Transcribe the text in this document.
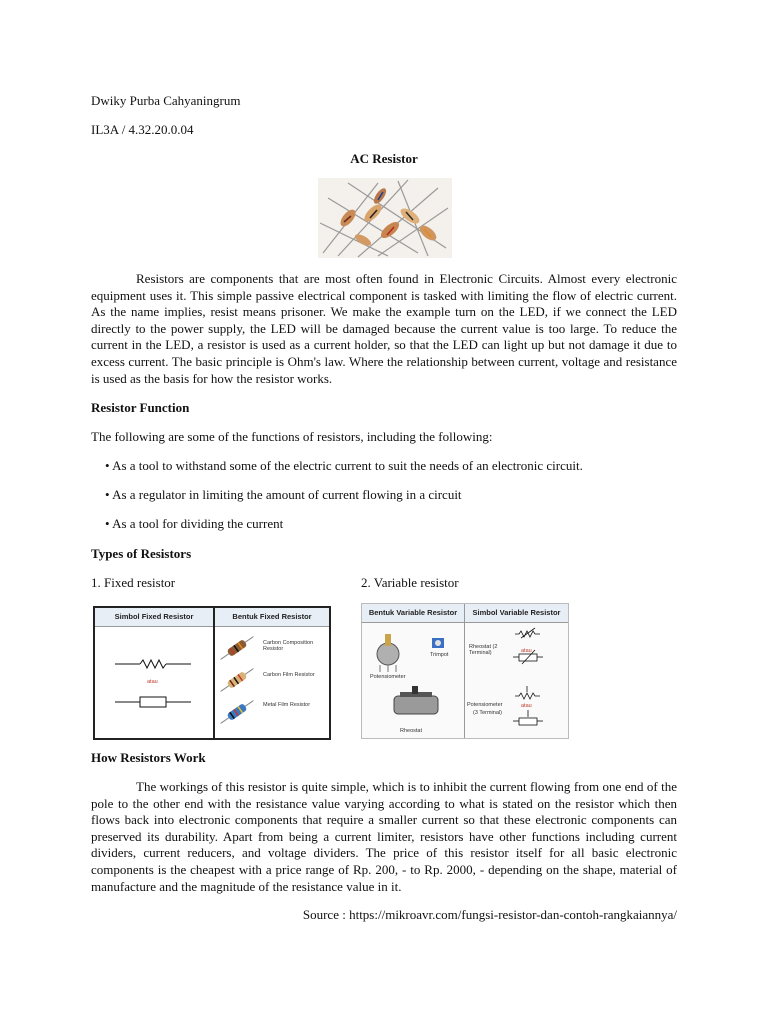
Dwiky Purba Cahyaningrum
IL3A / 4.32.20.0.04
AC Resistor
Resistors are components that are most often found in Electronic Circuits. Almost every electronic equipment uses it. This simple passive electrical component is tasked with limiting the flow of electric current. As the name implies, resist means prisoner. We make the example turn on the LED, if we connect the LED directly to the power supply, the LED will be damaged because the current value is too large. To reduce the current in the LED, a resistor is used as a current holder, so that the LED can light up but not damage it due to excess current. The basic principle is Ohm's law. Where the relationship between current, voltage and resistance is used as the basis for how the resistor works.
Resistor Function
The following are some of the functions of resistors, including the following:
• As a tool to withstand some of the electric current to suit the needs of an electronic circuit.
• As a regulator in limiting the amount of current flowing in a circuit
• As a tool for dividing the current
Types of Resistors
1. Fixed resistor	2. Variable resistor
Simbol Fixed Resistor
atau
Bentuk Fixed Resistor
Carbon Composition Resistor
Carbon Film Resistor
Metal Film Resistor
Bentuk Variable Resistor
Potensiometer
Trimpot
Rheostat
Simbol Variable Resistor
Rheostat (2 Terminal)	atau
Potensiometer	atau
(3 Terminal)
How Resistors Work
The workings of this resistor is quite simple, which is to inhibit the current flowing from one end of the pole to the other end with the resistance value varying according to what is stated on the resistor which then flows back into electronic components that require a smaller current so that these electronic components can preserved its durability. Apart from being a current limiter, resistors have other functions including current dividers, current reducers, and voltage dividers. The price of this resistor itself for all basic electronic components is the cheapest with a price range of Rp. 200, - to Rp. 2000, - depending on the shape, material of manufacture and the magnitude of the resistance value in it.
Source : https://mikroavr.com/fungsi-resistor-dan-contoh-rangkaiannya/
